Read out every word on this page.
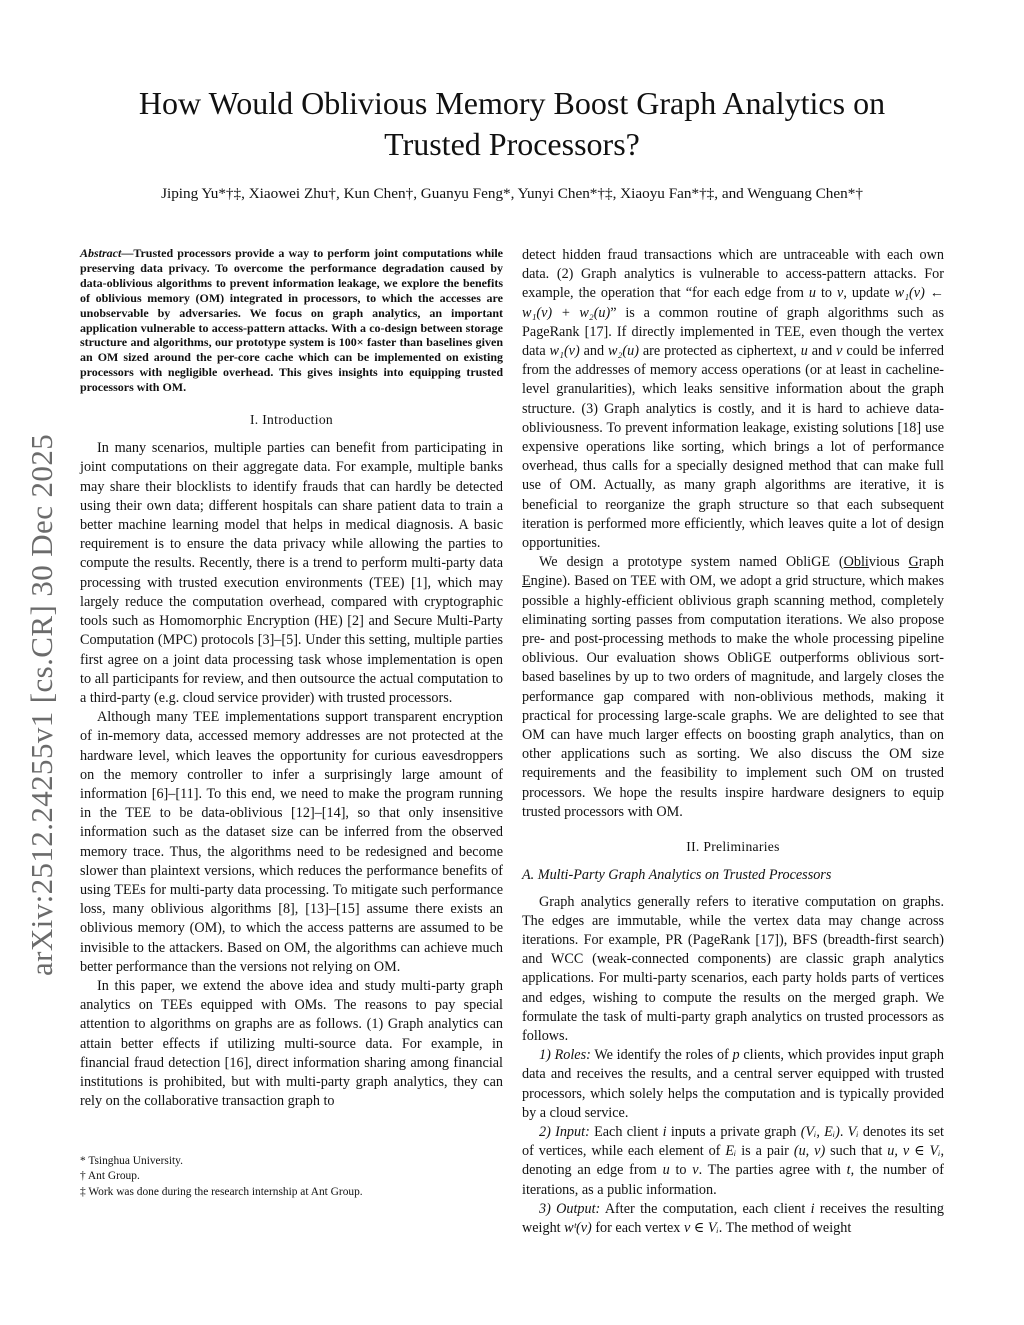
arXiv:2512.24255v1 [cs.CR] 30 Dec 2025
How Would Oblivious Memory Boost Graph Analytics on Trusted Processors?
Jiping Yu*†‡, Xiaowei Zhu†, Kun Chen†, Guanyu Feng*, Yunyi Chen*†‡, Xiaoyu Fan*†‡, and Wenguang Chen*†

Abstract—Trusted processors provide a way to perform joint computations while preserving data privacy. To overcome the performance degradation caused by data-oblivious algorithms to prevent information leakage, we explore the benefits of oblivious memory (OM) integrated in processors, to which the accesses are unobservable by adversaries. We focus on graph analytics, an important application vulnerable to access-pattern attacks. With a co-design between storage structure and algorithms, our prototype system is 100× faster than baselines given an OM sized around the per-core cache which can be implemented on existing processors with negligible overhead. This gives insights into equipping trusted processors with OM.

I. Introduction

In many scenarios, multiple parties can benefit from participating in joint computations on their aggregate data. For example, multiple banks may share their blocklists to identify frauds that can hardly be detected using their own data; different hospitals can share patient data to train a better machine learning model that helps in medical diagnosis. A basic requirement is to ensure the data privacy while allowing the parties to compute the results. Recently, there is a trend to perform multi-party data processing with trusted execution environments (TEE) [1], which may largely reduce the computation overhead, compared with cryptographic tools such as Homomorphic Encryption (HE) [2] and Secure Multi-Party Computation (MPC) protocols [3]–[5]. Under this setting, multiple parties first agree on a joint data processing task whose implementation is open to all participants for review, and then outsource the actual computation to a third-party (e.g. cloud service provider) with trusted processors.

Although many TEE implementations support transparent encryption of in-memory data, accessed memory addresses are not protected at the hardware level, which leaves the opportunity for curious eavesdroppers on the memory controller to infer a surprisingly large amount of information [6]–[11]. To this end, we need to make the program running in the TEE to be data-oblivious [12]–[14], so that only insensitive information such as the dataset size can be inferred from the observed memory trace. Thus, the algorithms need to be redesigned and become slower than plaintext versions, which reduces the performance benefits of using TEEs for multi-party data processing. To mitigate such performance loss, many oblivious algorithms [8], [13]–[15] assume there exists an oblivious memory (OM), to which the access patterns are assumed to be invisible to the attackers. Based on OM, the algorithms can achieve much better performance than the versions not relying on OM.

In this paper, we extend the above idea and study multi-party graph analytics on TEEs equipped with OMs. The reasons to pay special attention to algorithms on graphs are as follows. (1) Graph analytics can attain better effects if utilizing multi-source data. For example, in financial fraud detection [16], direct information sharing among financial institutions is prohibited, but with multi-party graph analytics, they can rely on the collaborative transaction graph to

* Tsinghua University.
† Ant Group.
‡ Work was done during the research internship at Ant Group.

detect hidden fraud transactions which are untraceable with each own data. (2) Graph analytics is vulnerable to access-pattern attacks. For example, the operation that “for each edge from u to v, update w₁(v) ← w₁(v) + w₂(u)” is a common routine of graph algorithms such as PageRank [17]. If directly implemented in TEE, even though the vertex data w₁(v) and w₂(u) are protected as ciphertext, u and v could be inferred from the addresses of memory access operations (or at least in cacheline-level granularities), which leaks sensitive information about the graph structure. (3) Graph analytics is costly, and it is hard to achieve data-obliviousness. To prevent information leakage, existing solutions [18] use expensive operations like sorting, which brings a lot of performance overhead, thus calls for a specially designed method that can make full use of OM. Actually, as many graph algorithms are iterative, it is beneficial to reorganize the graph structure so that each subsequent iteration is performed more efficiently, which leaves quite a lot of design opportunities.

We design a prototype system named ObliGE (Oblivious Graph Engine). Based on TEE with OM, we adopt a grid structure, which makes possible a highly-efficient oblivious graph scanning method, completely eliminating sorting passes from computation iterations. We also propose pre- and post-processing methods to make the whole processing pipeline oblivious. Our evaluation shows ObliGE outperforms oblivious sort-based baselines by up to two orders of magnitude, and largely closes the performance gap compared with non-oblivious methods, making it practical for processing large-scale graphs. We are delighted to see that OM can have much larger effects on boosting graph analytics, than on other applications such as sorting. We also discuss the OM size requirements and the feasibility to implement such OM on trusted processors. We hope the results inspire hardware designers to equip trusted processors with OM.

II. Preliminaries
A. Multi-Party Graph Analytics on Trusted Processors

Graph analytics generally refers to iterative computation on graphs. The edges are immutable, while the vertex data may change across iterations. For example, PR (PageRank [17]), BFS (breadth-first search) and WCC (weak-connected components) are classic graph analytics applications. For multi-party scenarios, each party holds parts of vertices and edges, wishing to compute the results on the merged graph. We formulate the task of multi-party graph analytics on trusted processors as follows.

1) Roles: We identify the roles of p clients, which provides input graph data and receives the results, and a central server equipped with trusted processors, which solely helps the computation and is typically provided by a cloud service.

2) Input: Each client i inputs a private graph (Vᵢ, Eᵢ). Vᵢ denotes its set of vertices, while each element of Eᵢ is a pair (u, v) such that u, v ∈ Vᵢ, denoting an edge from u to v. The parties agree with t, the number of iterations, as a public information.

3) Output: After the computation, each client i receives the resulting weight wᵗ(v) for each vertex v ∈ Vᵢ. The method of weight
